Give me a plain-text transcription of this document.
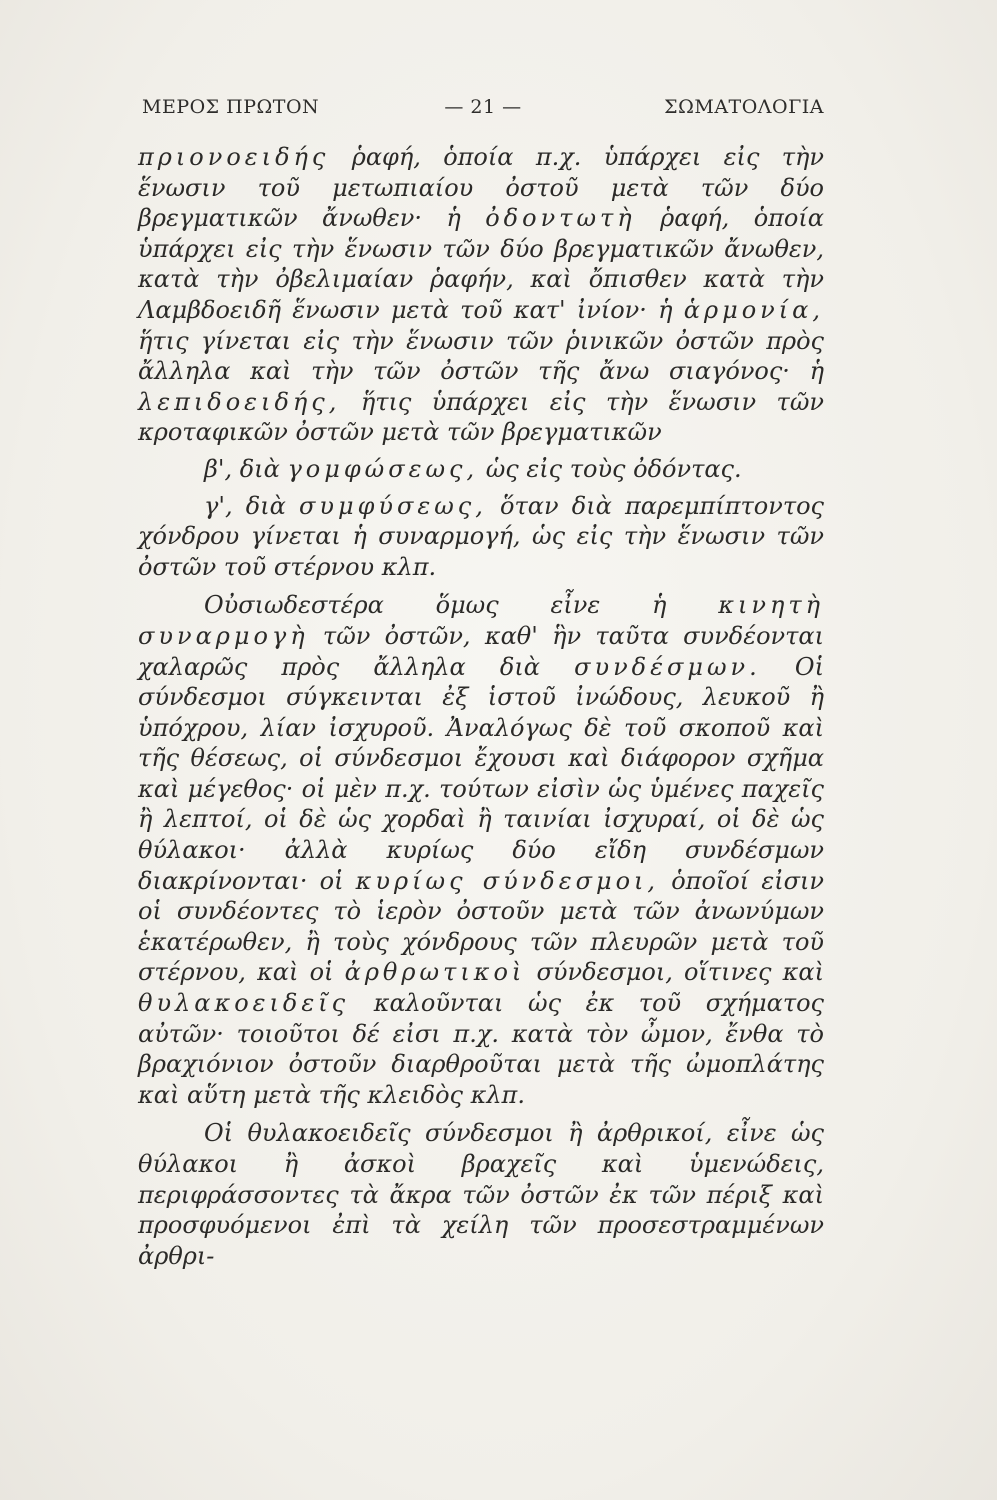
ΜΕΡΟΣ ΠΡΩΤΟΝ	— 21 —	ΣΩΜΑΤΟΛΟΓΙΑ

πριονοειδής ῥαφή, ὁποία π.χ. ὑπάρχει εἰς τὴν ἕνωσιν τοῦ μετωπιαίου ὀστοῦ μετὰ τῶν δύο βρεγματικῶν ἄνωθεν· ἡ ὀδοντωτὴ ῥαφή, ὁποία ὑπάρχει εἰς τὴν ἕνωσιν τῶν δύο βρεγματικῶν ἄνωθεν, κατὰ τὴν ὀβελιμαίαν ῥαφήν, καὶ ὄπισθεν κατὰ τὴν Λαμβδοειδῆ ἕνωσιν μετὰ τοῦ κατ' ἰνίον· ἡ ἁρμονία, ἥτις γίνεται εἰς τὴν ἕνωσιν τῶν ῥινικῶν ὀστῶν πρὸς ἄλληλα καὶ τὴν τῶν ὀστῶν τῆς ἄνω σιαγόνος· ἡ λεπιδοειδής, ἥτις ὑπάρχει εἰς τὴν ἕνωσιν τῶν κροταφικῶν ὀστῶν μετὰ τῶν βρεγματικῶν

β', διὰ γομφώσεως, ὡς εἰς τοὺς ὀδόντας.

γ', διὰ συμφύσεως, ὅταν διὰ παρεμπίπτοντος χόνδρου γίνεται ἡ συναρμογή, ὡς εἰς τὴν ἕνωσιν τῶν ὀστῶν τοῦ στέρνου κλπ.

Οὐσιωδεστέρα ὅμως εἶνε ἡ κινητὴ συναρμογὴ τῶν ὀστῶν, καθ' ἣν ταῦτα συνδέονται χαλαρῶς πρὸς ἄλληλα διὰ συνδέσμων. Οἱ σύνδεσμοι σύγκεινται ἐξ ἱστοῦ ἰνώδους, λευκοῦ ἢ ὑπόχρου, λίαν ἰσχυροῦ. Ἀναλόγως δὲ τοῦ σκοποῦ καὶ τῆς θέσεως, οἱ σύνδεσμοι ἔχουσι καὶ διάφορον σχῆμα καὶ μέγεθος· οἱ μὲν π.χ. τούτων εἰσὶν ὡς ὑμένες παχεῖς ἢ λεπτοί, οἱ δὲ ὡς χορδαὶ ἢ ταινίαι ἰσχυραί, οἱ δὲ ὡς θύλακοι· ἀλλὰ κυρίως δύο εἴδη συνδέσμων διακρίνονται· οἱ κυρίως σύνδεσμοι, ὁποῖοί εἰσιν οἱ συνδέοντες τὸ ἱερὸν ὀστοῦν μετὰ τῶν ἀνωνύμων ἑκατέρωθεν, ἢ τοὺς χόνδρους τῶν πλευρῶν μετὰ τοῦ στέρνου, καὶ οἱ ἀρθρωτικοὶ σύνδεσμοι, οἵτινες καὶ θυλακοειδεῖς καλοῦνται ὡς ἐκ τοῦ σχήματος αὐτῶν· τοιοῦτοι δέ εἰσι π.χ. κατὰ τὸν ὦμον, ἔνθα τὸ βραχιόνιον ὀστοῦν διαρθροῦται μετὰ τῆς ὠμοπλάτης καὶ αὕτη μετὰ τῆς κλειδὸς κλπ.

Οἱ θυλακοειδεῖς σύνδεσμοι ἢ ἀρθρικοί, εἶνε ὡς θύλακοι ἢ ἀσκοὶ βραχεῖς καὶ ὑμενώδεις, περιφράσσοντες τὰ ἄκρα τῶν ὀστῶν ἐκ τῶν πέριξ καὶ προσφυόμενοι ἐπὶ τὰ χείλη τῶν προσεστραμμένων ἀρθρι-
